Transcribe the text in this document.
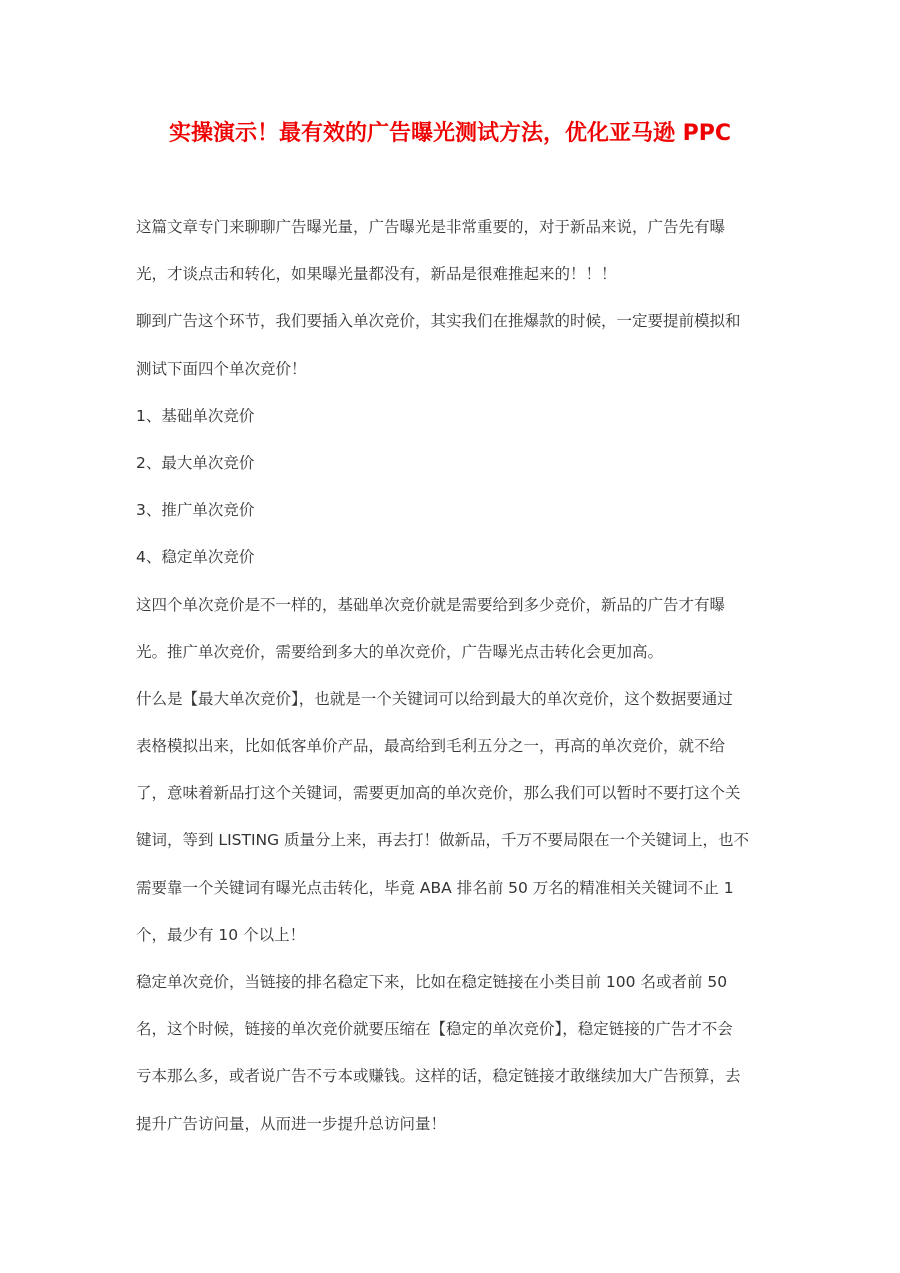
实操演示！最有效的广告曝光测试方法，优化亚马逊 PPC
这篇文章专门来聊聊广告曝光量，广告曝光是非常重要的，对于新品来说，广告先有曝
光，才谈点击和转化，如果曝光量都没有，新品是很难推起来的！！！
聊到广告这个环节，我们要插入单次竞价，其实我们在推爆款的时候，一定要提前模拟和
测试下面四个单次竞价！
1、基础单次竞价
2、最大单次竞价
3、推广单次竞价
4、稳定单次竞价
这四个单次竞价是不一样的，基础单次竞价就是需要给到多少竞价，新品的广告才有曝
光。推广单次竞价，需要给到多大的单次竞价，广告曝光点击转化会更加高。
什么是【最大单次竞价】，也就是一个关键词可以给到最大的单次竞价，这个数据要通过
表格模拟出来，比如低客单价产品，最高给到毛利五分之一，再高的单次竞价，就不给
了，意味着新品打这个关键词，需要更加高的单次竞价，那么我们可以暂时不要打这个关
键词，等到 LISTING 质量分上来，再去打！做新品，千万不要局限在一个关键词上，也不
需要靠一个关键词有曝光点击转化，毕竟 ABA 排名前 50 万名的精准相关关键词不止 1
个，最少有 10 个以上！
稳定单次竞价，当链接的排名稳定下来，比如在稳定链接在小类目前 100 名或者前 50
名，这个时候，链接的单次竞价就要压缩在【稳定的单次竞价】，稳定链接的广告才不会
亏本那么多，或者说广告不亏本或赚钱。这样的话，稳定链接才敢继续加大广告预算，去
提升广告访问量，从而进一步提升总访问量！
